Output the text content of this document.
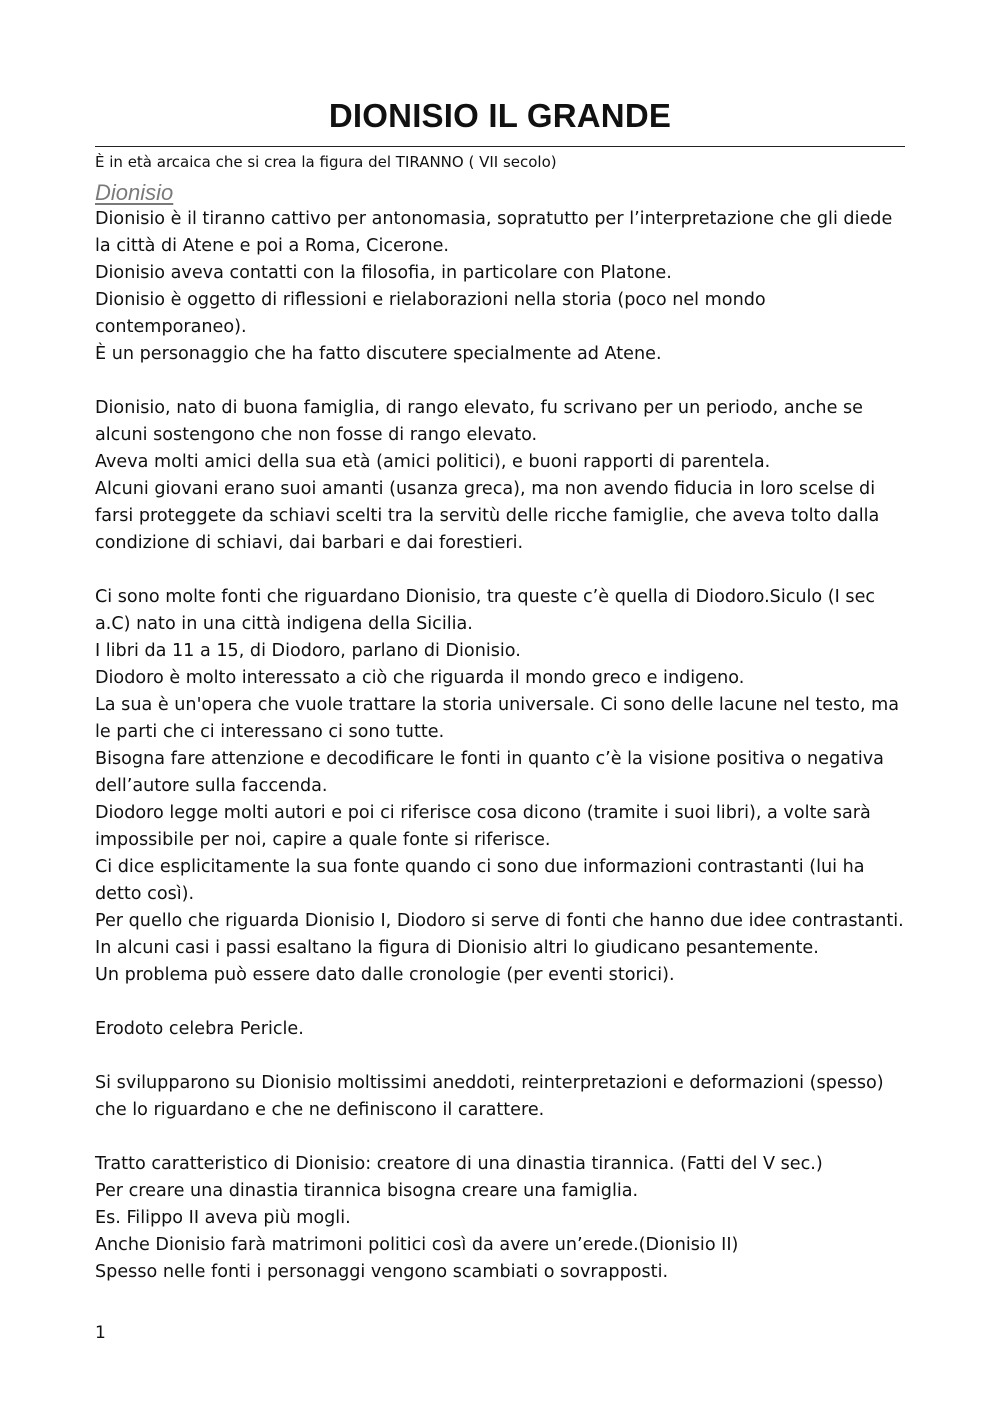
DIONISIO IL GRANDE
È in età arcaica che si crea la figura del TIRANNO ( VII secolo)
Dionisio

Dionisio è il tiranno cattivo per antonomasia, sopratutto per l’interpretazione che gli diede la città di Atene e poi a Roma, Cicerone.

Dionisio aveva contatti con la filosofia, in particolare con Platone.

Dionisio è oggetto di riflessioni e rielaborazioni nella storia (poco nel mondo contemporaneo).

È un personaggio che ha fatto discutere specialmente ad Atene.

Dionisio, nato di buona famiglia, di rango elevato, fu scrivano per un periodo, anche se alcuni sostengono che non fosse di rango elevato.

Aveva molti amici della sua età (amici politici), e buoni rapporti di parentela.

Alcuni giovani erano suoi amanti (usanza greca), ma non avendo fiducia in loro scelse di farsi proteggete da schiavi scelti tra la servitù delle ricche famiglie, che aveva tolto dalla condizione di schiavi, dai barbari e dai forestieri.

Ci sono molte fonti che riguardano Dionisio, tra queste c’è quella di Diodoro.Siculo (I sec a.C) nato in una città indigena della Sicilia.

I libri da 11 a 15, di Diodoro, parlano di Dionisio.

Diodoro è molto interessato a ciò che riguarda il mondo greco e indigeno.

La sua è un'opera che vuole trattare la storia universale. Ci sono delle lacune nel testo, ma le parti che ci interessano ci sono tutte.

Bisogna fare attenzione e decodificare le fonti in quanto c’è la visione positiva o negativa dell’autore sulla faccenda.

Diodoro legge molti autori e poi ci riferisce cosa dicono (tramite i suoi libri), a volte sarà impossibile per noi, capire a quale fonte si riferisce.

Ci dice esplicitamente la sua fonte quando ci sono due informazioni contrastanti (lui ha detto così).

Per quello che riguarda Dionisio I, Diodoro si serve di fonti che hanno due idee contrastanti. In alcuni casi i passi esaltano la figura di Dionisio altri lo giudicano pesantemente.

Un problema può essere dato dalle cronologie (per eventi storici).

Erodoto celebra Pericle.

Si svilupparono su Dionisio moltissimi aneddoti, reinterpretazioni e deformazioni (spesso) che lo riguardano e che ne definiscono il carattere.

Tratto caratteristico di Dionisio: creatore di una dinastia tirannica. (Fatti del V sec.)

Per creare una dinastia tirannica bisogna creare una famiglia.

Es. Filippo II aveva più mogli.

Anche Dionisio farà matrimoni politici così da avere un’erede.(Dionisio II)

Spesso nelle fonti i personaggi vengono scambiati o sovrapposti.

1
